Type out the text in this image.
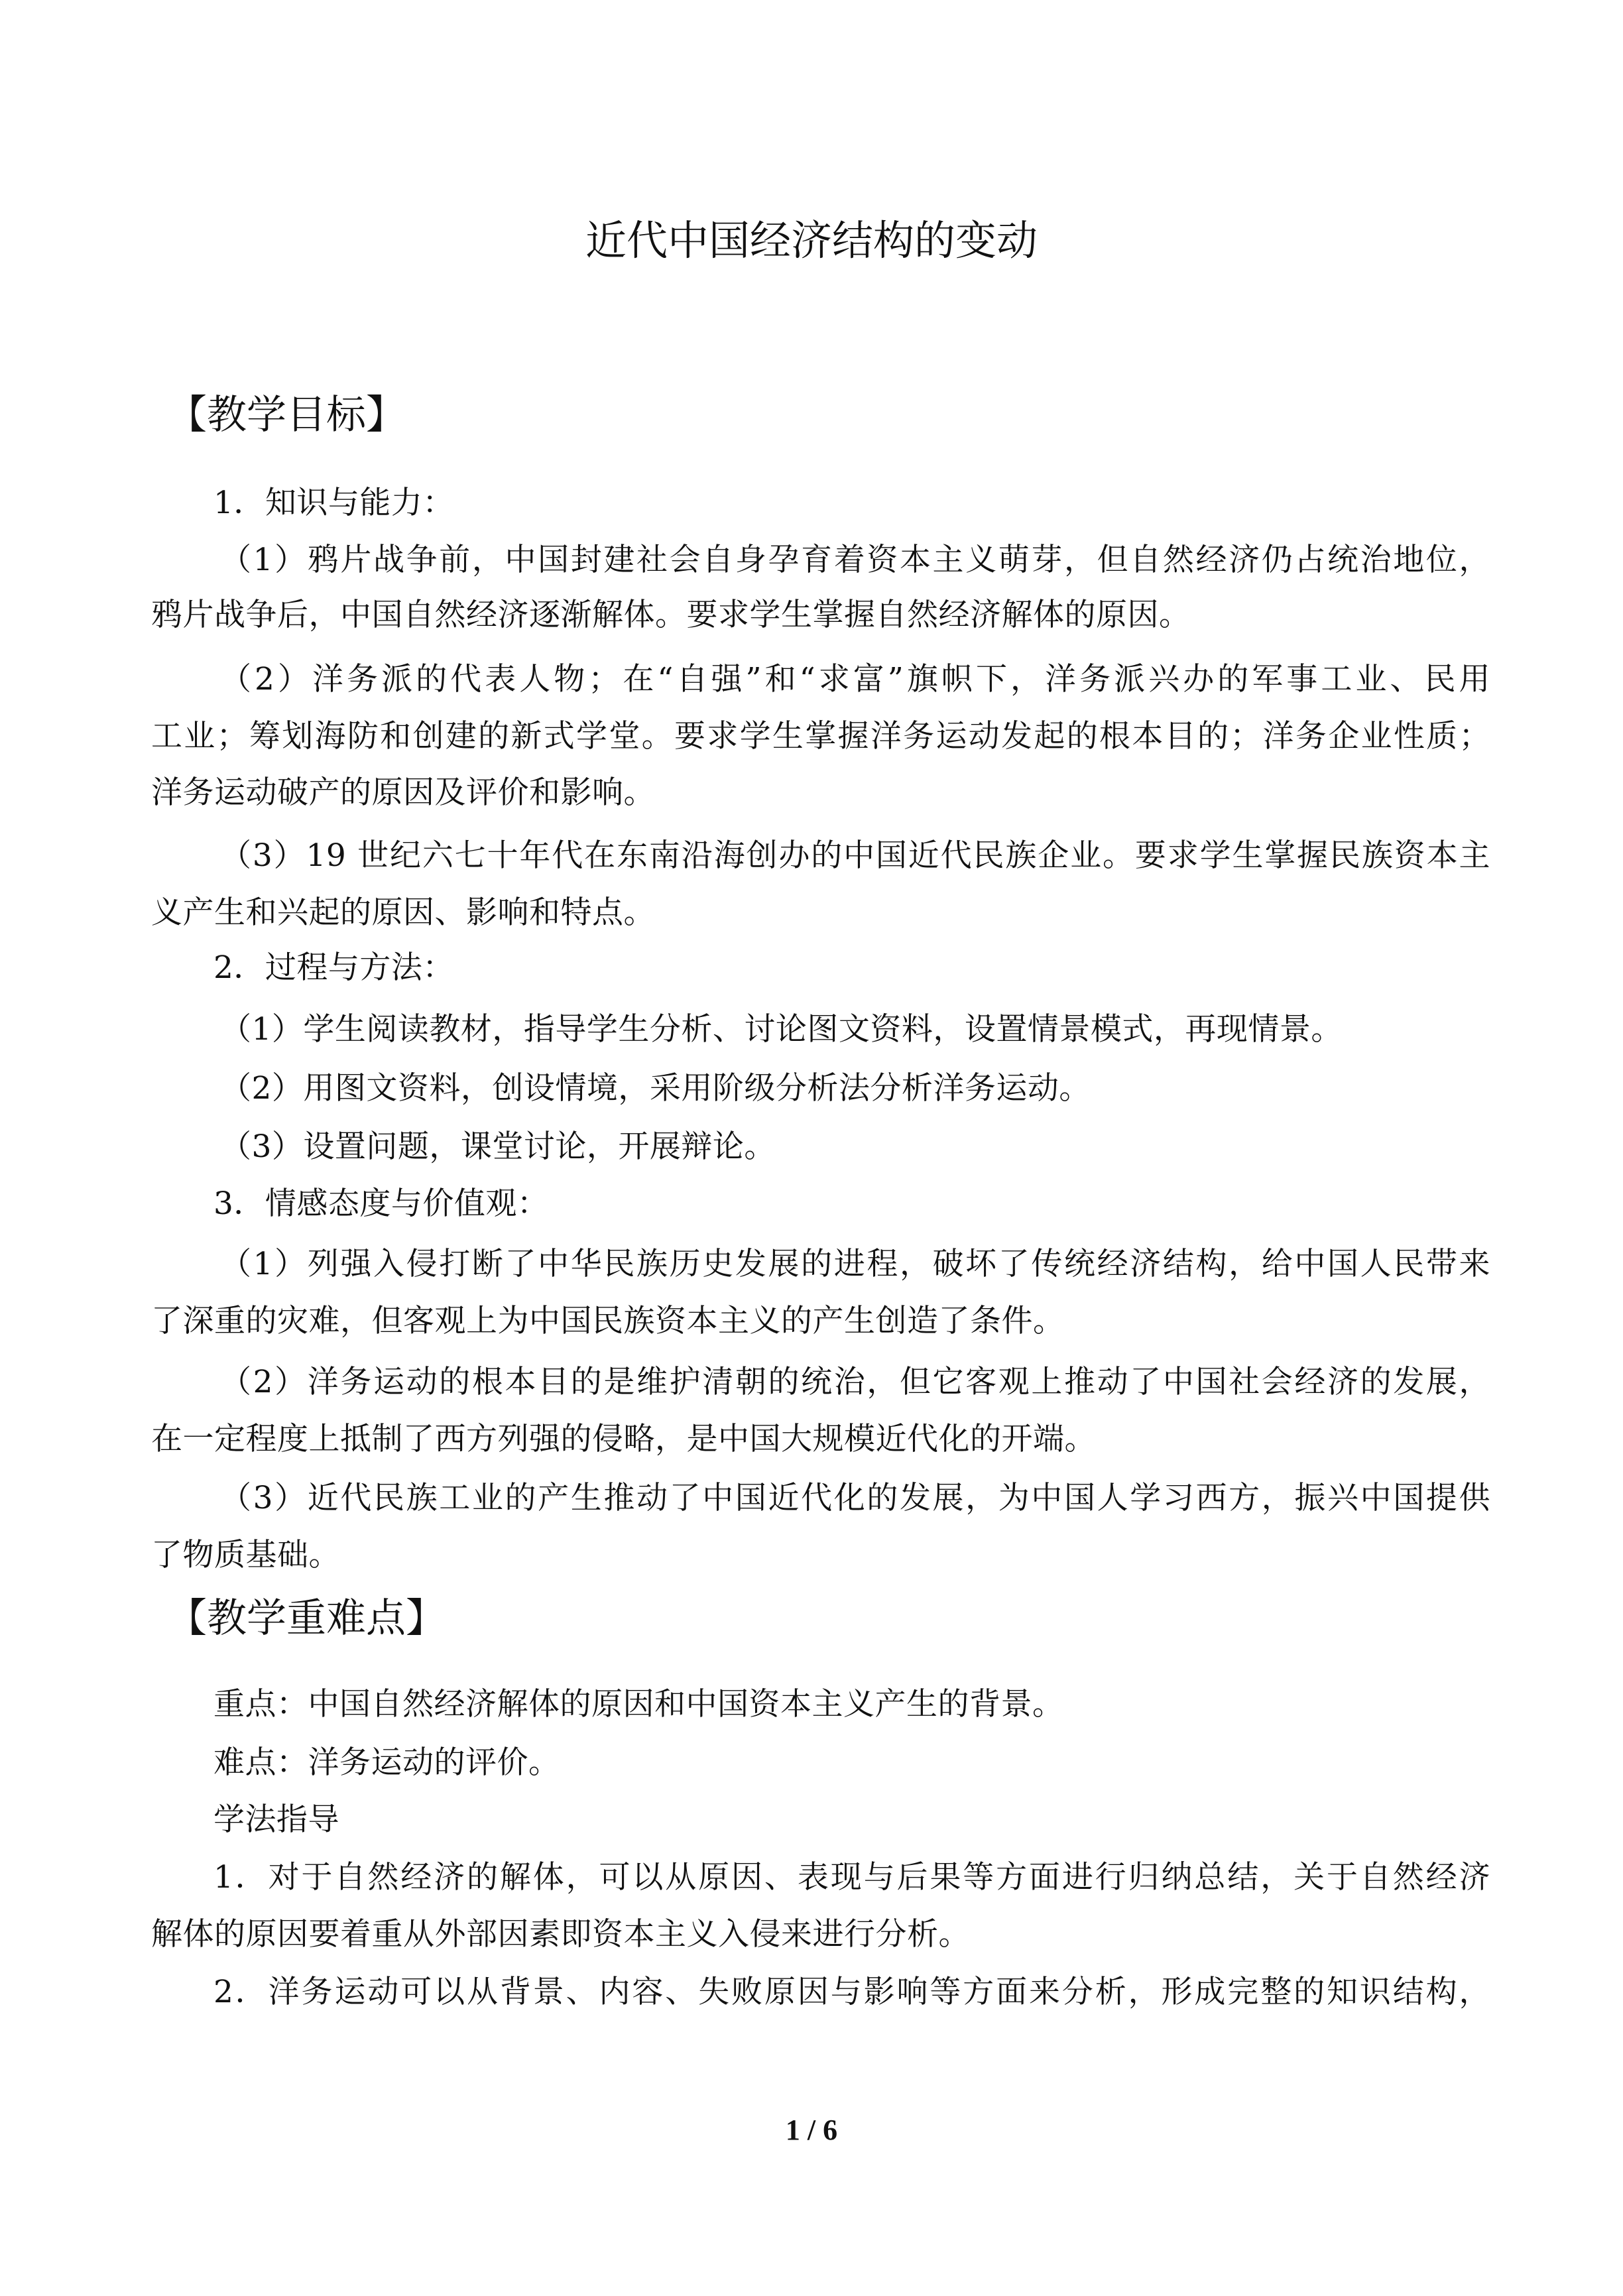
近代中国经济结构的变动
【教学目标】
1．知识与能力：
（1）鸦片战争前，中国封建社会自身孕育着资本主义萌芽，但自然经济仍占统治地位，
鸦片战争后，中国自然经济逐渐解体。要求学生掌握自然经济解体的原因。
（2）洋务派的代表人物；在“自强”和“求富”旗帜下，洋务派兴办的军事工业、民用
工业；筹划海防和创建的新式学堂。要求学生掌握洋务运动发起的根本目的；洋务企业性质；
洋务运动破产的原因及评价和影响。
（3）19 世纪六七十年代在东南沿海创办的中国近代民族企业。要求学生掌握民族资本主
义产生和兴起的原因、影响和特点。
2．过程与方法：
（1）学生阅读教材，指导学生分析、讨论图文资料，设置情景模式，再现情景。
（2）用图文资料，创设情境，采用阶级分析法分析洋务运动。
（3）设置问题，课堂讨论，开展辩论。
3．情感态度与价值观：
（1）列强入侵打断了中华民族历史发展的进程，破坏了传统经济结构，给中国人民带来
了深重的灾难，但客观上为中国民族资本主义的产生创造了条件。
（2）洋务运动的根本目的是维护清朝的统治，但它客观上推动了中国社会经济的发展，
在一定程度上抵制了西方列强的侵略，是中国大规模近代化的开端。
（3）近代民族工业的产生推动了中国近代化的发展，为中国人学习西方，振兴中国提供
了物质基础。
【教学重难点】
重点：中国自然经济解体的原因和中国资本主义产生的背景。
难点：洋务运动的评价。
学法指导
1．对于自然经济的解体，可以从原因、表现与后果等方面进行归纳总结，关于自然经济
解体的原因要着重从外部因素即资本主义入侵来进行分析。
2．洋务运动可以从背景、内容、失败原因与影响等方面来分析，形成完整的知识结构，
1 / 6
